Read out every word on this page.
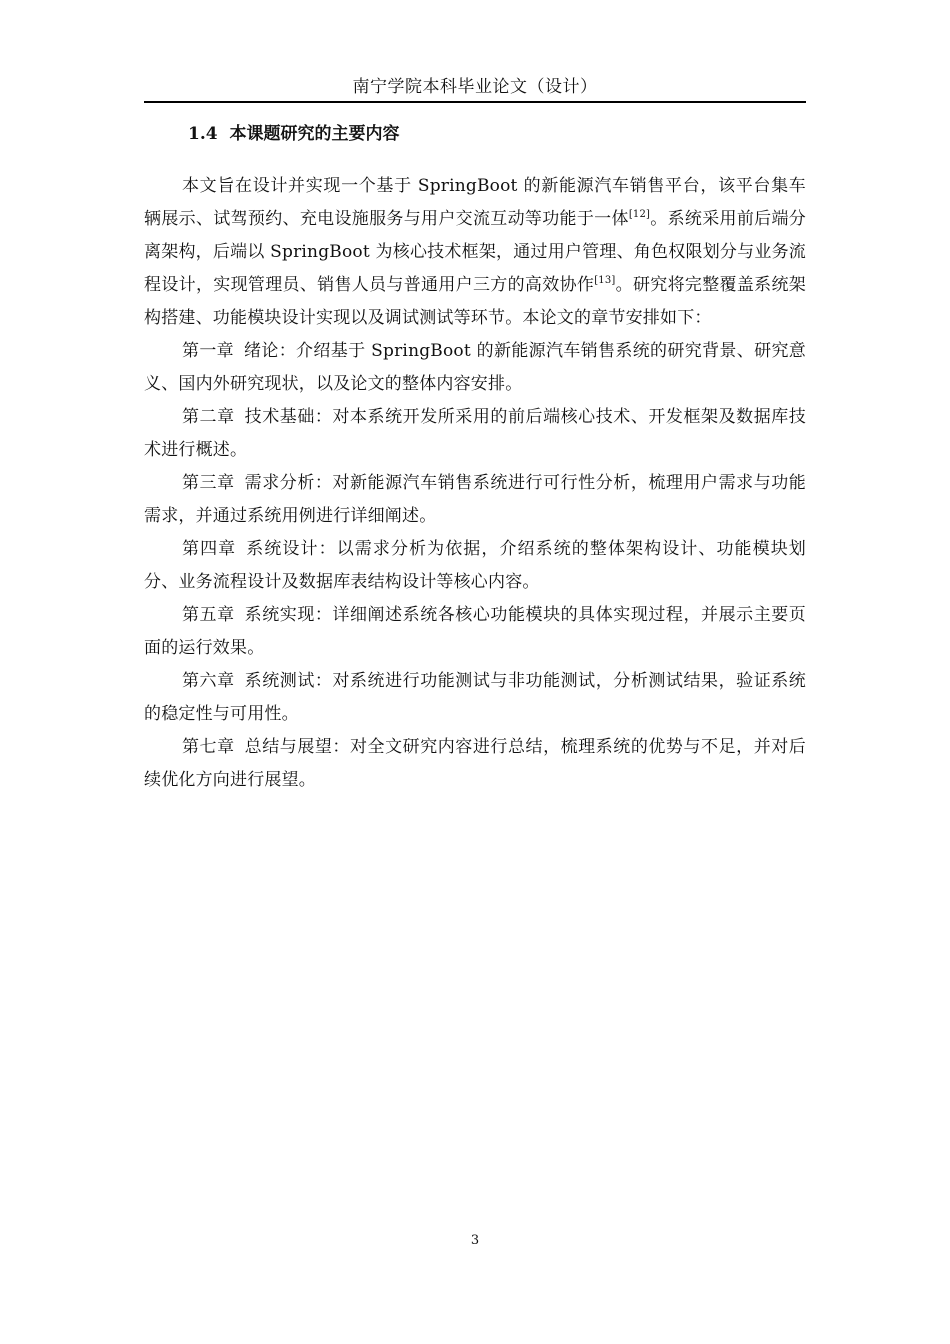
南宁学院本科毕业论文（设计）
1.4 本课题研究的主要内容

本文旨在设计并实现一个基于 SpringBoot 的新能源汽车销售平台，该平台集车辆展示、试驾预约、充电设施服务与用户交流互动等功能于一体[12]。系统采用前后端分离架构，后端以 SpringBoot 为核心技术框架，通过用户管理、角色权限划分与业务流程设计，实现管理员、销售人员与普通用户三方的高效协作[13]。研究将完整覆盖系统架构搭建、功能模块设计实现以及调试测试等环节。本论文的章节安排如下：

第一章 绪论：介绍基于 SpringBoot 的新能源汽车销售系统的研究背景、研究意义、国内外研究现状，以及论文的整体内容安排。

第二章 技术基础：对本系统开发所采用的前后端核心技术、开发框架及数据库技术进行概述。

第三章 需求分析：对新能源汽车销售系统进行可行性分析，梳理用户需求与功能需求，并通过系统用例进行详细阐述。

第四章 系统设计：以需求分析为依据，介绍系统的整体架构设计、功能模块划分、业务流程设计及数据库表结构设计等核心内容。

第五章 系统实现：详细阐述系统各核心功能模块的具体实现过程，并展示主要页面的运行效果。

第六章 系统测试：对系统进行功能测试与非功能测试，分析测试结果，验证系统的稳定性与可用性。

第七章 总结与展望：对全文研究内容进行总结，梳理系统的优势与不足，并对后续优化方向进行展望。

3
